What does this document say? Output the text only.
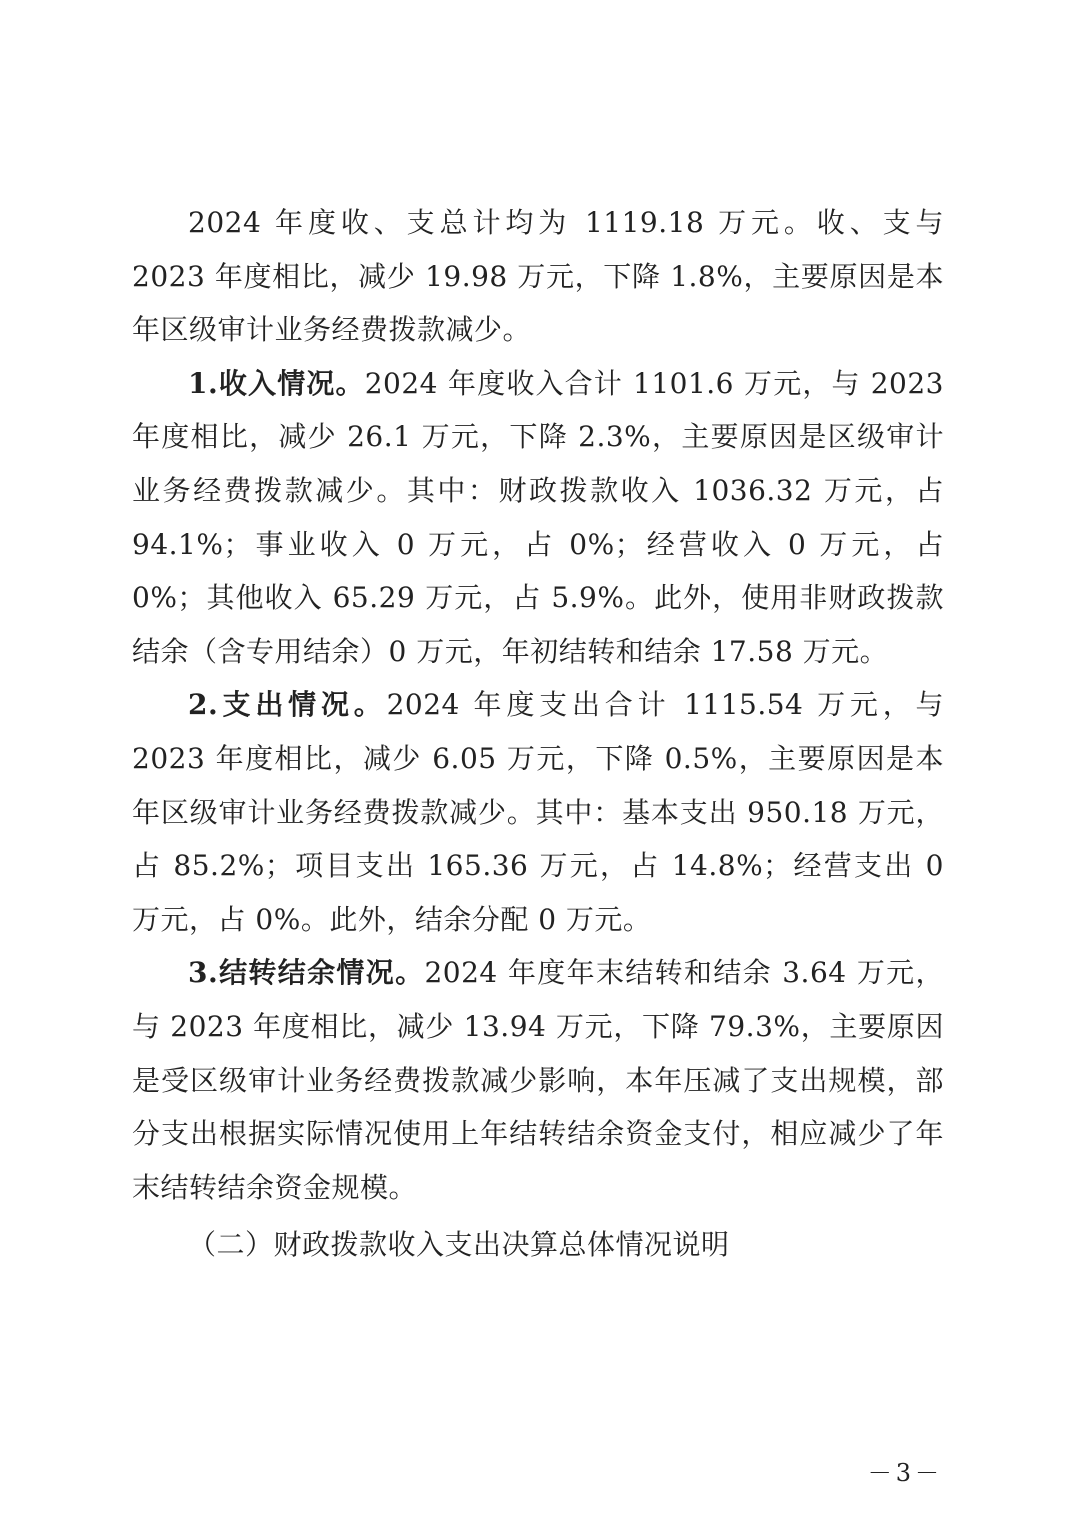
2024 年度收、支总计均为 1119.18 万元。收、支与 2023 年度相比，减少 19.98 万元，下降 1.8%，主要原因是本年区级审计业务经费拨款减少。

1.收入情况。2024 年度收入合计 1101.6 万元，与 2023 年度相比，减少 26.1 万元，下降 2.3%，主要原因是区级审计业务经费拨款减少。其中：财政拨款收入 1036.32 万元，占 94.1%；事业收入 0 万元，占 0%；经营收入 0 万元，占 0%；其他收入 65.29 万元，占 5.9%。此外，使用非财政拨款结余（含专用结余）0 万元，年初结转和结余 17.58 万元。

2.支出情况。2024 年度支出合计 1115.54 万元，与 2023 年度相比，减少 6.05 万元，下降 0.5%，主要原因是本年区级审计业务经费拨款减少。其中：基本支出 950.18 万元，占 85.2%；项目支出 165.36 万元，占 14.8%；经营支出 0 万元，占 0%。此外，结余分配 0 万元。

3.结转结余情况。2024 年度年末结转和结余 3.64 万元，与 2023 年度相比，减少 13.94 万元，下降 79.3%，主要原因是受区级审计业务经费拨款减少影响，本年压减了支出规模，部分支出根据实际情况使用上年结转结余资金支付，相应减少了年末结转结余资金规模。

（二）财政拨款收入支出决算总体情况说明

－3－
